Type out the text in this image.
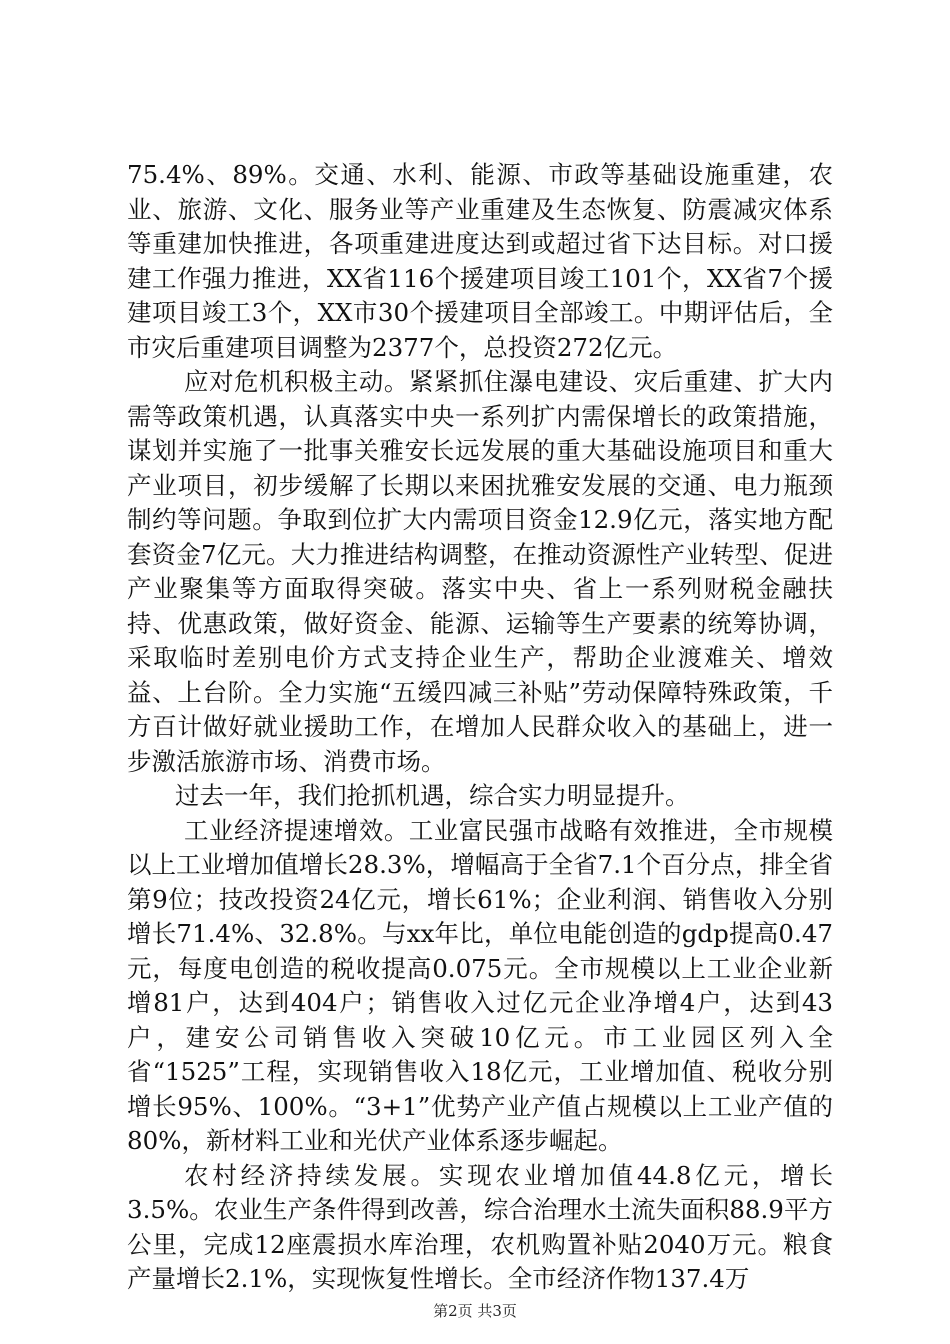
75.4%、89%。交通、水利、能源、市政等基础设施重建，农业、旅游、文化、服务业等产业重建及生态恢复、防震减灾体系等重建加快推进，各项重建进度达到或超过省下达目标。对口援建工作强力推进，XX省116个援建项目竣工101个，XX省7个援建项目竣工3个，XX市30个援建项目全部竣工。中期评估后，全市灾后重建项目调整为2377个，总投资272亿元。

应对危机积极主动。紧紧抓住瀑电建设、灾后重建、扩大内需等政策机遇，认真落实中央一系列扩内需保增长的政策措施，谋划并实施了一批事关雅安长远发展的重大基础设施项目和重大产业项目，初步缓解了长期以来困扰雅安发展的交通、电力瓶颈制约等问题。争取到位扩大内需项目资金12.9亿元，落实地方配套资金7亿元。大力推进结构调整，在推动资源性产业转型、促进产业聚集等方面取得突破。落实中央、省上一系列财税金融扶持、优惠政策，做好资金、能源、运输等生产要素的统筹协调，采取临时差别电价方式支持企业生产，帮助企业渡难关、增效益、上台阶。全力实施“五缓四减三补贴”劳动保障特殊政策，千方百计做好就业援助工作，在增加人民群众收入的基础上，进一步激活旅游市场、消费市场。

过去一年，我们抢抓机遇，综合实力明显提升。

工业经济提速增效。工业富民强市战略有效推进，全市规模以上工业增加值增长28.3%，增幅高于全省7.1个百分点，排全省第9位；技改投资24亿元，增长61%；企业利润、销售收入分别增长71.4%、32.8%。与xx年比，单位电能创造的gdp提高0.47元，每度电创造的税收提高0.075元。全市规模以上工业企业新增81户，达到404户；销售收入过亿元企业净增4户，达到43户，建安公司销售收入突破10亿元。市工业园区列入全省“1525”工程，实现销售收入18亿元，工业增加值、税收分别增长95%、100%。“3+1”优势产业产值占规模以上工业产值的80%，新材料工业和光伏产业体系逐步崛起。

农村经济持续发展。实现农业增加值44.8亿元，增长3.5%。农业生产条件得到改善，综合治理水土流失面积88.9平方公里，完成12座震损水库治理，农机购置补贴2040万元。粮食产量增长2.1%，实现恢复性增长。全市经济作物137.4万

第2页 共3页
